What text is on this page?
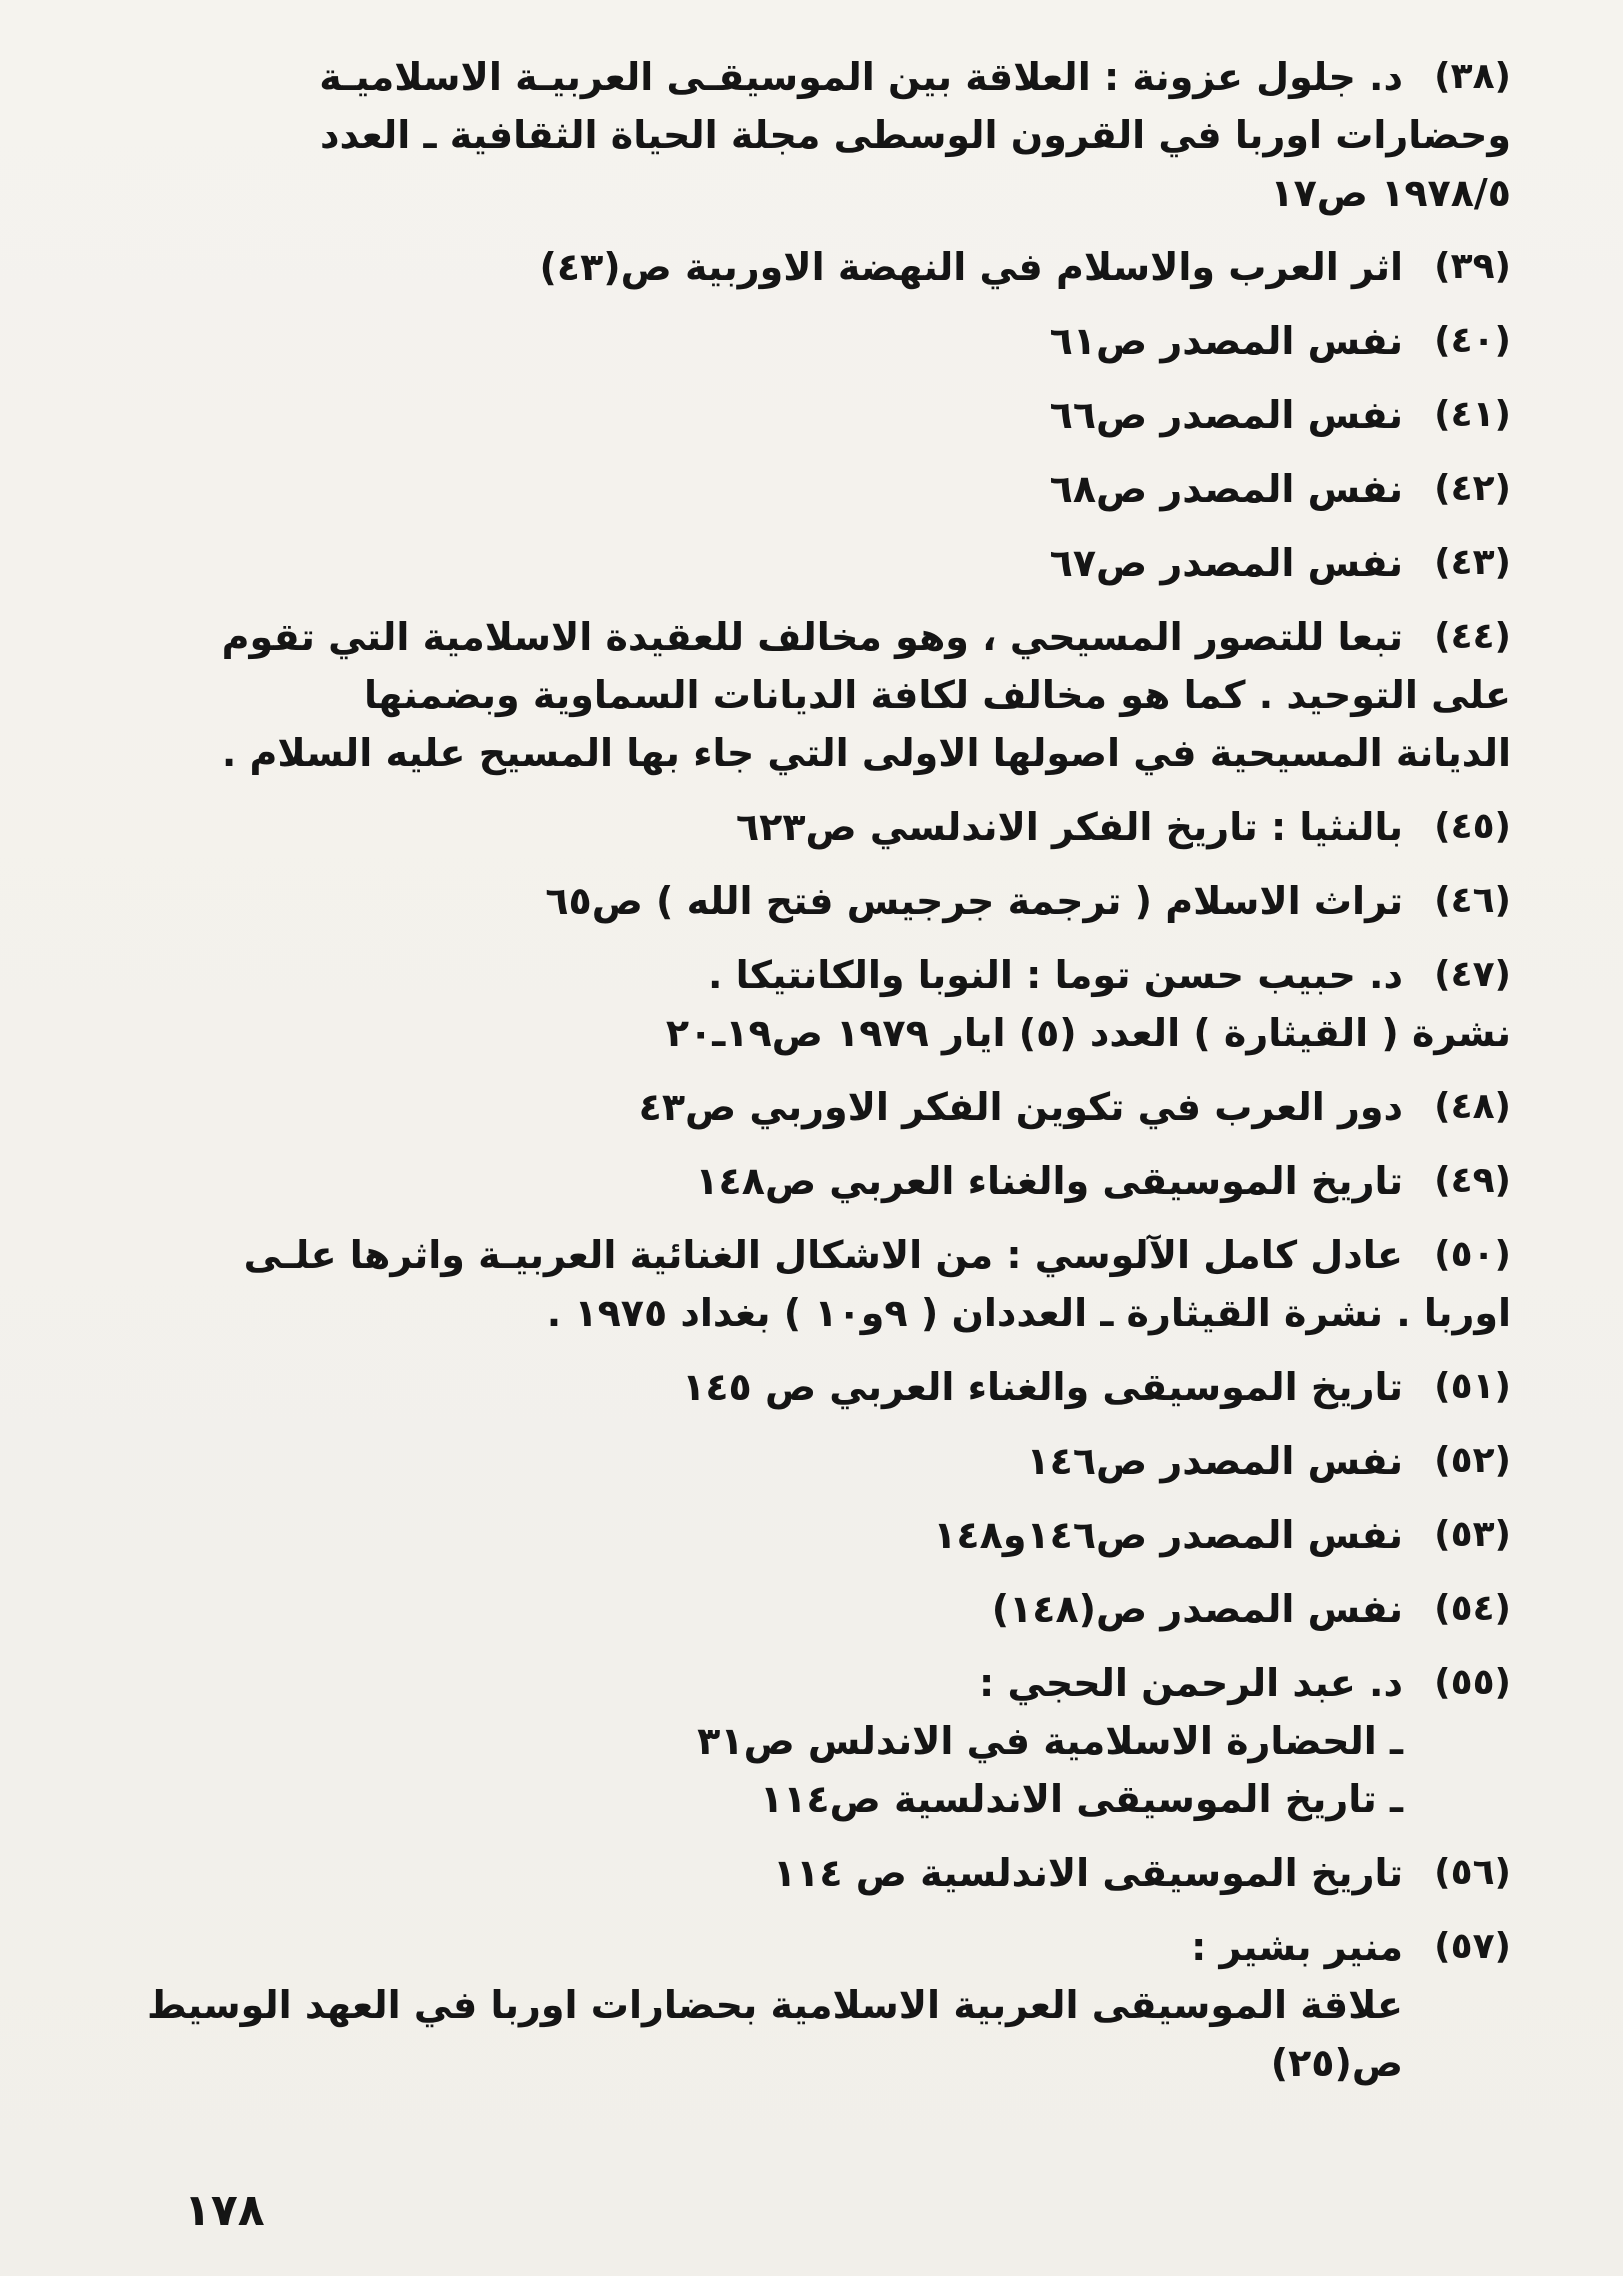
(٣٨)
د. جلول عزونة : العلاقة بين الموسيقـى العربيـة الاسلاميـة
وحضارات اوربا في القرون الوسطى مجلة الحياة الثقافية ـ العدد
١٩٧٨/٥ ص١٧
(٣٩)
اثر العرب والاسلام في النهضة الاوربية ص(٤٣)
(٤٠)
نفس المصدر ص٦١
(٤١)
نفس المصدر ص٦٦
(٤٢)
نفس المصدر ص٦٨
(٤٣)
نفس المصدر ص٦٧
(٤٤)
تبعا للتصور المسيحي ، وهو مخالف للعقيدة الاسلامية التي تقوم
على التوحيد . كما هو مخالف لكافة الديانات السماوية وبضمنها
الديانة المسيحية في اصولها الاولى التي جاء بها المسيح عليه السلام .
(٤٥)
بالنثيا : تاريخ الفكر الاندلسي ص٦٢٣
(٤٦)
تراث الاسلام ( ترجمة جرجيس فتح الله ) ص٦٥
(٤٧)
د. حبيب حسن توما : النوبا والكانتيكا .
نشرة ( القيثارة ) العدد (٥) ايار ١٩٧٩ ص١٩ـ٢٠
(٤٨)
دور العرب في تكوين الفكر الاوربي ص٤٣
(٤٩)
تاريخ الموسيقى والغناء العربي ص١٤٨
(٥٠)
عادل كامل الآلوسي : من الاشكال الغنائية العربيـة واثرها علـى
اوربا . نشرة القيثارة ـ العددان ( ٩و١٠ ) بغداد ١٩٧٥ .
(٥١)
تاريخ الموسيقى والغناء العربي ص ١٤٥
(٥٢)
نفس المصدر ص١٤٦
(٥٣)
نفس المصدر ص١٤٦و١٤٨
(٥٤)
نفس المصدر ص(١٤٨)
(٥٥)
د. عبد الرحمن الحجي :
ـ الحضارة الاسلامية في الاندلس ص٣١
ـ تاريخ الموسيقى الاندلسية ص١١٤
(٥٦)
تاريخ الموسيقى الاندلسية ص ١١٤
(٥٧)
منير بشير :
علاقة الموسيقى العربية الاسلامية بحضارات اوربا في العهد الوسيط
ص(٢٥)
١٧٨
